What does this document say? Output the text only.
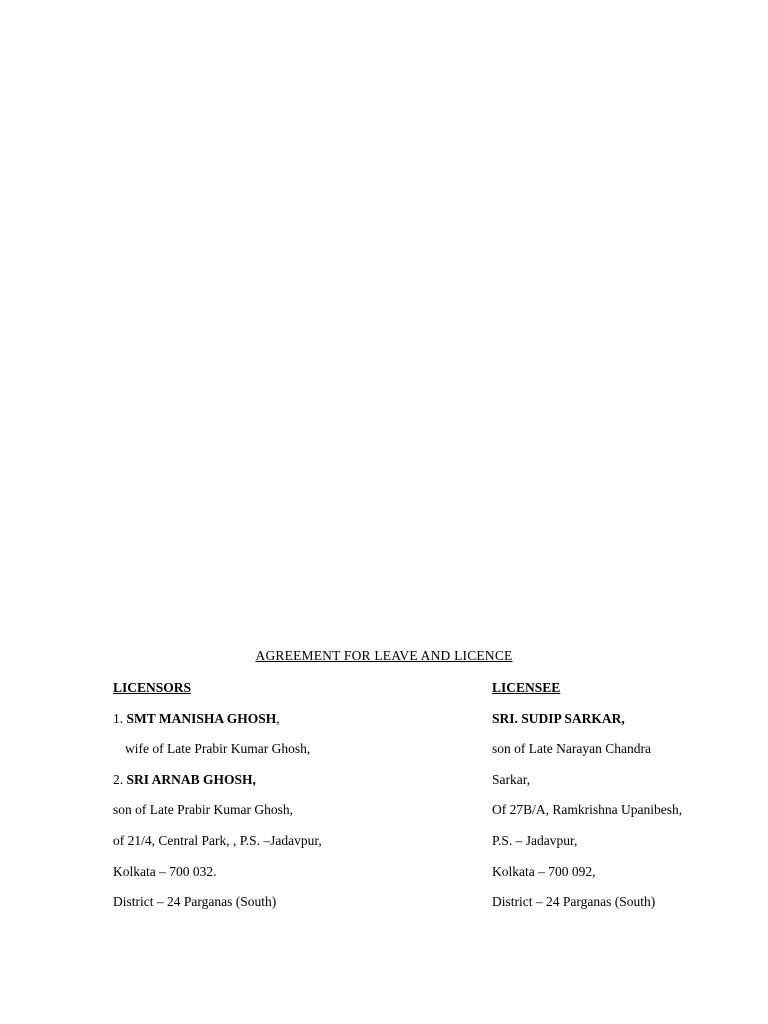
AGREEMENT FOR LEAVE AND LICENCE
LICENSORS
1. SMT MANISHA GHOSH,
wife of Late Prabir Kumar Ghosh,
2. SRI ARNAB GHOSH,
son of Late Prabir Kumar Ghosh,
of 21/4, Central Park, , P.S. –Jadavpur,
Kolkata – 700 032.
District – 24 Parganas (South)
LICENSEE
SRI. SUDIP SARKAR,
son of Late Narayan Chandra
Sarkar,
Of 27B/A, Ramkrishna Upanibesh,
P.S. – Jadavpur,
Kolkata – 700 092,
District – 24 Parganas (South)
